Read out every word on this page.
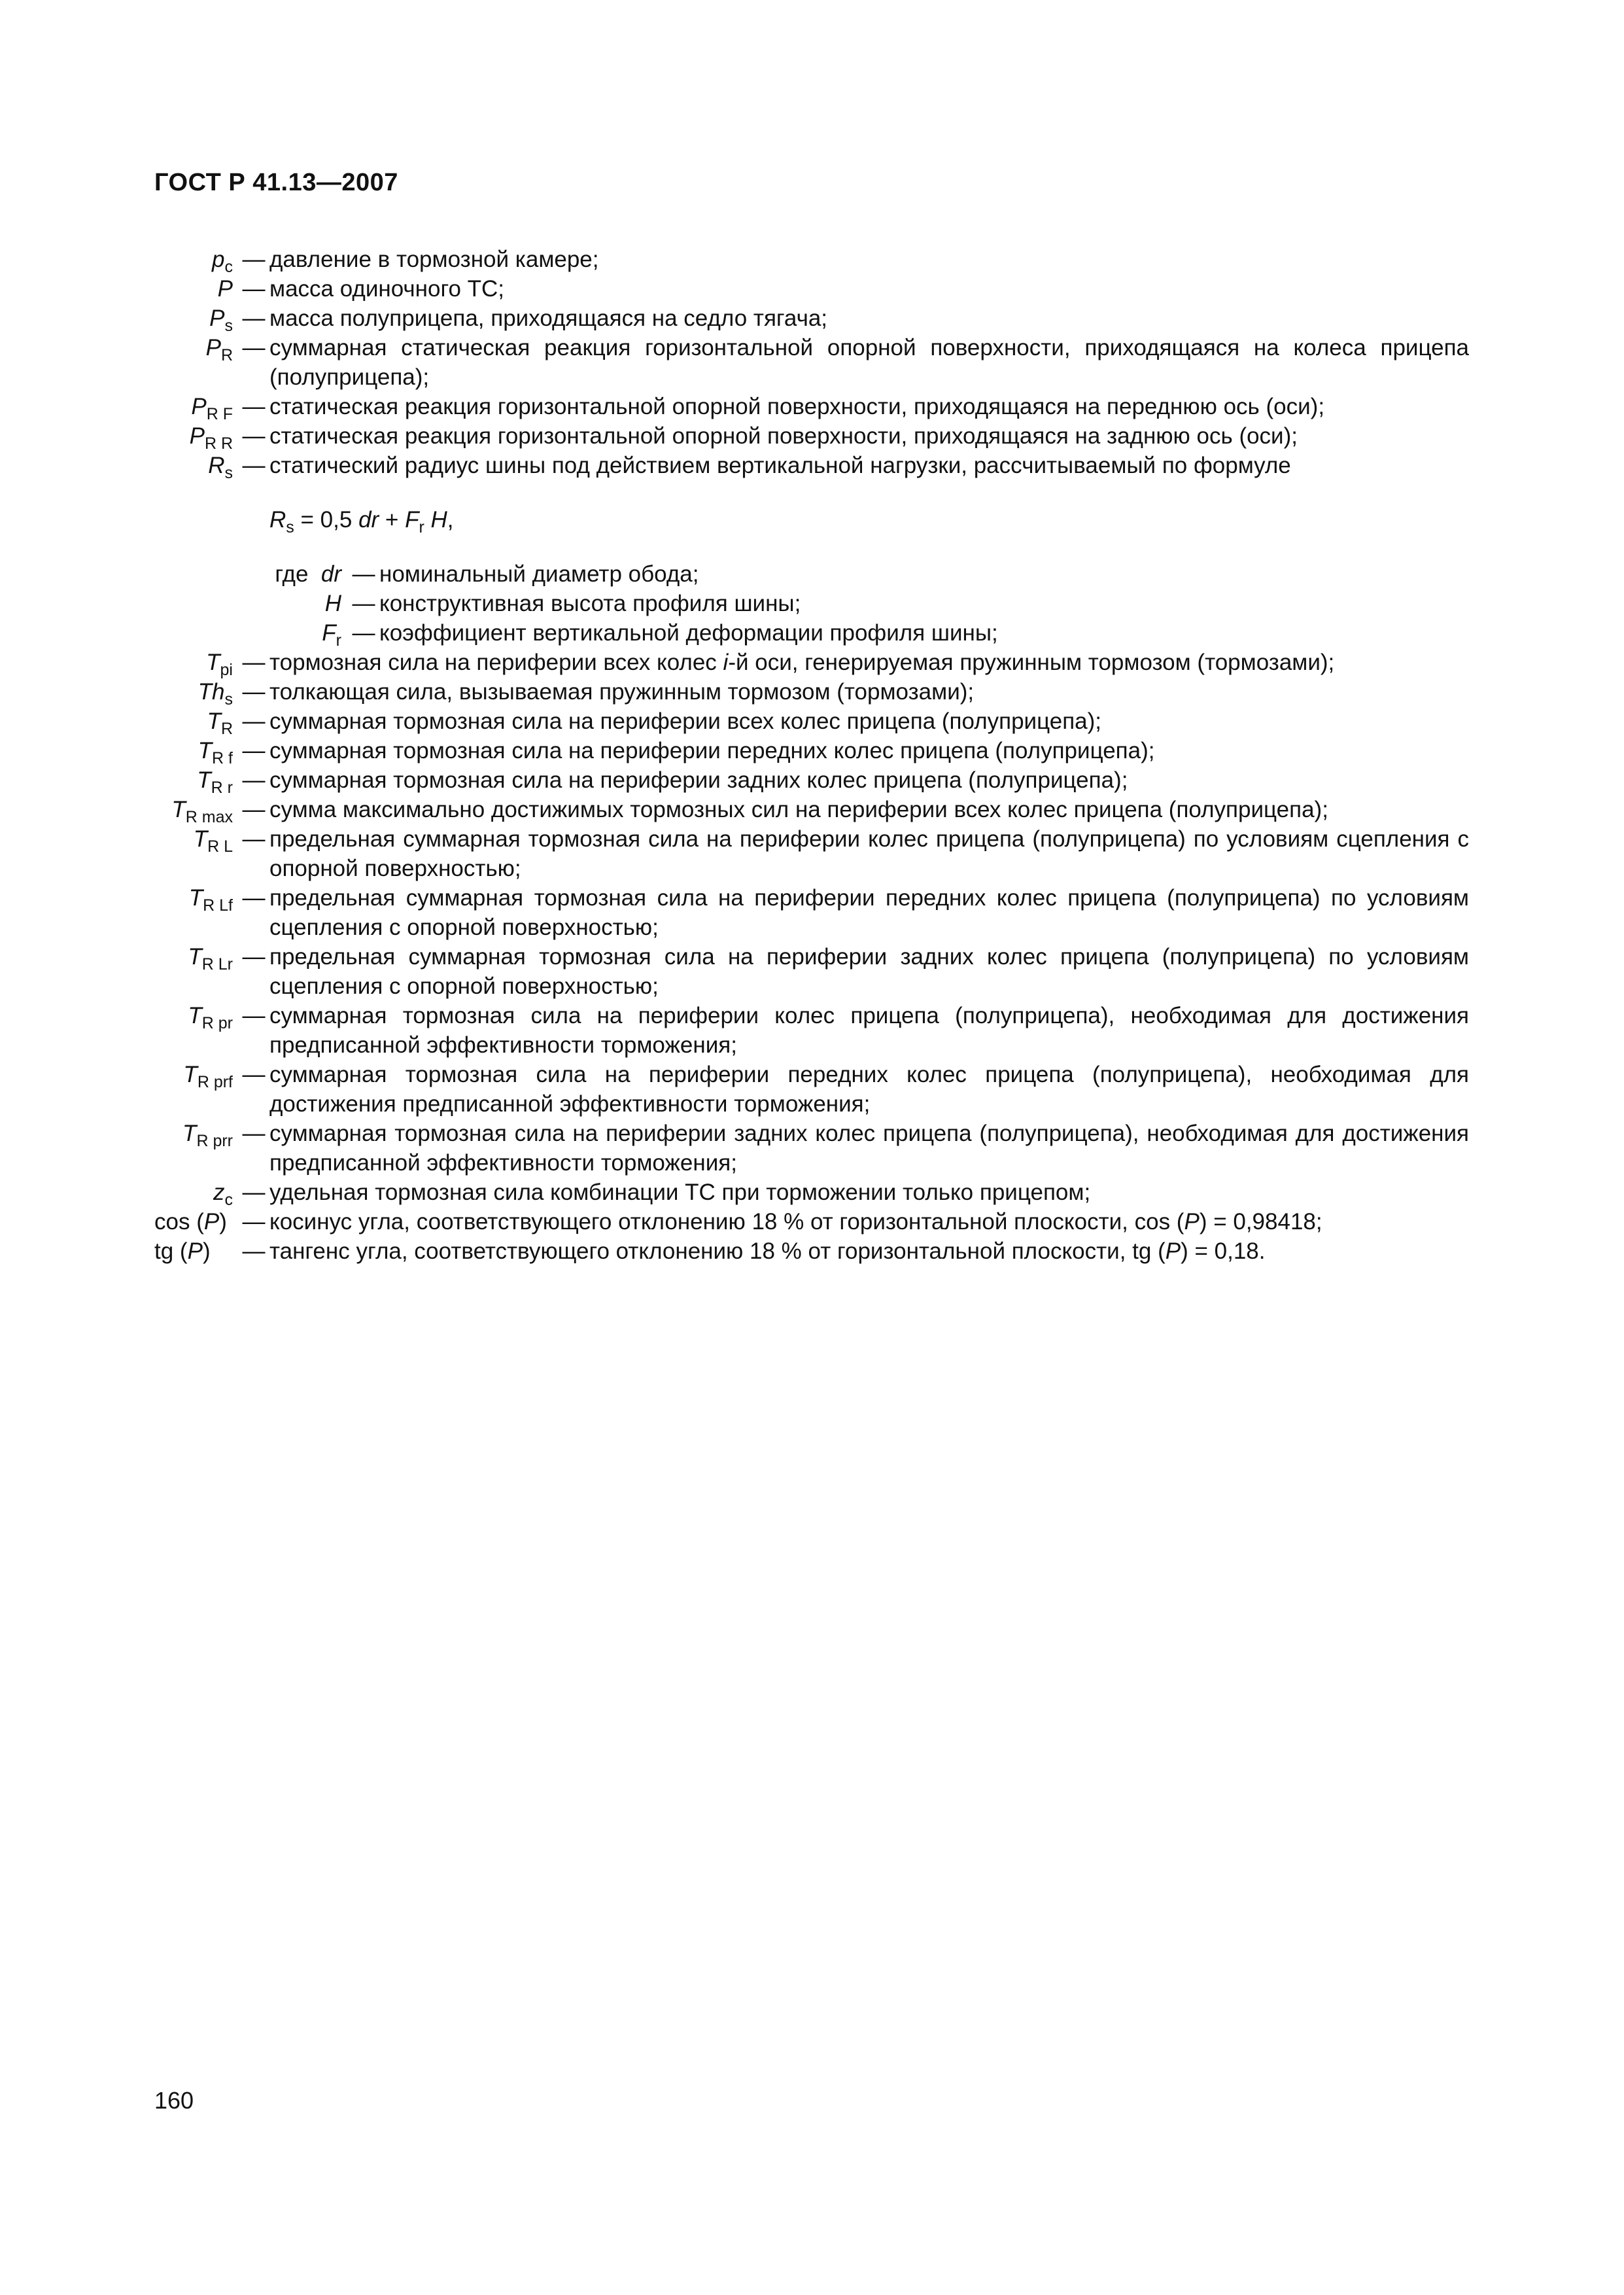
ГОСТ Р 41.13—2007
$p_c$ — давление в тормозной камере;
P — масса одиночного ТС;
$P_s$ — масса полуприцепа, приходящаяся на седло тягача;
$P_R$ — суммарная статическая реакция горизонтальной опорной поверхности, приходящаяся на колеса прицепа (полуприцепа);
$P_{R F}$ — статическая реакция горизонтальной опорной поверхности, приходящаяся на переднюю ось (оси);
$P_{R R}$ — статическая реакция горизонтальной опорной поверхности, приходящаяся на заднюю ось (оси);
$R_s$ — статический радиус шины под действием вертикальной нагрузки, рассчитываемый по формуле
$R_s = 0,5$ dr + $F_r$ H,
где dr — номинальный диаметр обода;
H — конструктивная высота профиля шины;
$F_r$ — коэффициент вертикальной деформации профиля шины;
$T_{pi}$ — тормозная сила на периферии всех колес i-й оси, генерируемая пружинным тормозом (тормозами);
$Th_s$ — толкающая сила, вызываемая пружинным тормозом (тормозами);
$T_R$ — суммарная тормозная сила на периферии всех колес прицепа (полуприцепа);
$T_{R f}$ — суммарная тормозная сила на периферии передних колес прицепа (полуприцепа);
$T_{R r}$ — суммарная тормозная сила на периферии задних колес прицепа (полуприцепа);
$T_{R max}$ — сумма максимально достижимых тормозных сил на периферии всех колес прицепа (полуприцепа);
$T_{R L}$ — предельная суммарная тормозная сила на периферии колес прицепа (полуприцепа) по условиям сцепления с опорной поверхностью;
$T_{R Lf}$ — предельная суммарная тормозная сила на периферии передних колес прицепа (полуприцепа) по условиям сцепления с опорной поверхностью;
$T_{R Lr}$ — предельная суммарная тормозная сила на периферии задних колес прицепа (полуприцепа) по условиям сцепления с опорной поверхностью;
$T_{R pr}$ — суммарная тормозная сила на периферии колес прицепа (полуприцепа), необходимая для достижения предписанной эффективности торможения;
$T_{R prf}$ — суммарная тормозная сила на периферии передних колес прицепа (полуприцепа), необходимая для достижения предписанной эффективности торможения;
$T_{R prr}$ — суммарная тормозная сила на периферии задних колес прицепа (полуприцепа), необходимая для достижения предписанной эффективности торможения;
$z_c$ — удельная тормозная сила комбинации ТС при торможении только прицепом;
cos (P) — косинус угла, соответствующего отклонению 18 % от горизонтальной плоскости, cos (P) = 0,98418;
tg (P)	— тангенс угла, соответствующего отклонению 18 % от горизонтальной плоскости, tg (P) = 0,18.
160
